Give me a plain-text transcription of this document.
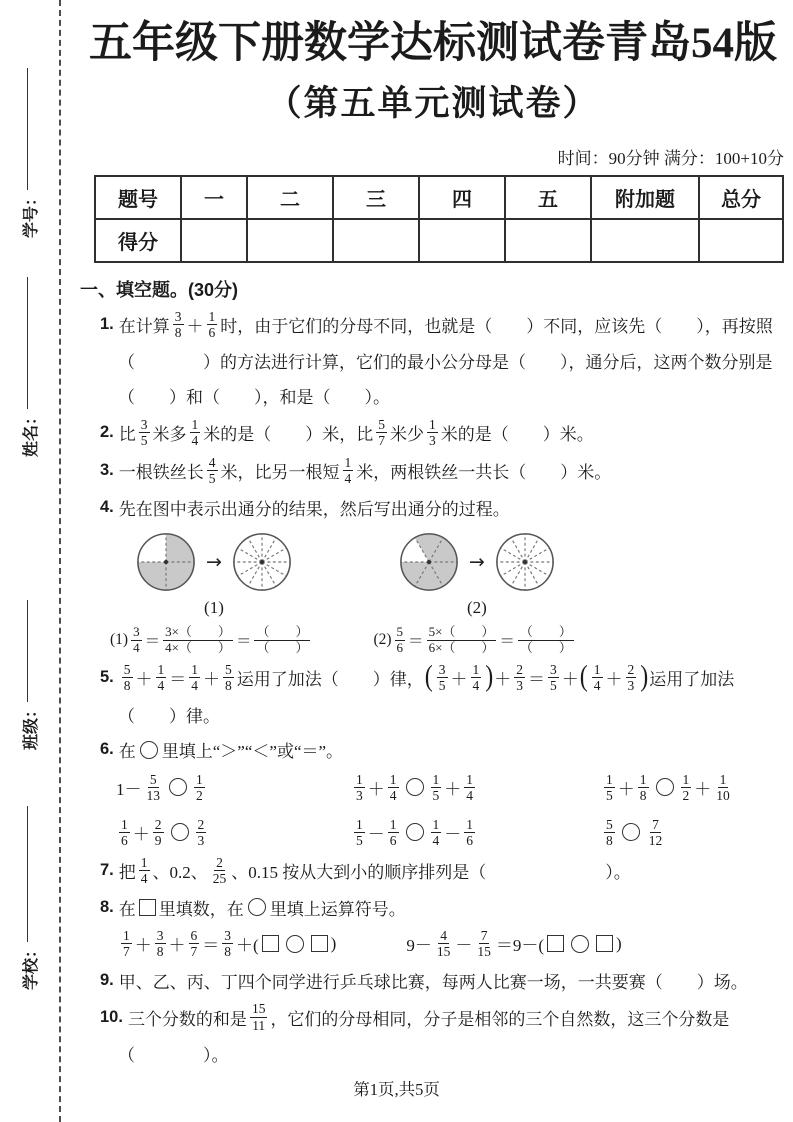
学号：
姓名：
班级：
学校：
五年级下册数学达标测试卷青岛54版
（第五单元测试卷）
时间：90分钟 满分：100+10分
题号	一	二	三	四	五	附加题	总分
得分							
一、填空题。(30分)
1. 在计算 $\frac{3}{8} + \frac{1}{6}$ 时，由于它们的分母不同，也就是（　　）不同，应该先（　　），再按照
（　　　　）的方法进行计算，它们的最小公分母是（　　），通分后，这两个数分别是
（　　）和（　　），和是（　　）。
2. 比 $\frac{3}{5}$ 米多 $\frac{1}{4}$ 米的是（　　）米，比 $\frac{5}{7}$ 米少 $\frac{1}{3}$ 米的是（　　）米。
3. 一根铁丝长 $\frac{4}{5}$ 米，比另一根短 $\frac{1}{4}$ 米，两根铁丝一共长（　　）米。
4. 先在图中表示出通分的结果，然后写出通分的过程。
→
(1)
→
(2)
$(1) \frac{3}{4} = \frac{3\times( )}{4\times( )} = \frac{( )}{( )}$	$(2) \frac{5}{6} = \frac{5\times( )}{6\times( )} = \frac{( )}{( )}$
5. $\frac{5}{8} + \frac{1}{4} = \frac{1}{4} + \frac{5}{8}$ 运用了加法（　　）律， ( $\frac{3}{5} + \frac{1}{4}$ ) ＋ $\frac{2}{3} = \frac{3}{5}$ ＋ ( $\frac{1}{4} + \frac{2}{3}$ ) 运用了加法
（　　）律。
6. 在 里填上“＞”“＜”或“＝”。
$1- \frac{5}{13} \frac{1}{2}$	$\frac{1}{3} + \frac{1}{4} \frac{1}{5} + \frac{1}{4}$	$\frac{1}{5} + \frac{1}{8} \frac{1}{2} + \frac{1}{10}$
$\frac{1}{6} + \frac{2}{9} \frac{2}{3}$	$\frac{1}{5} - \frac{1}{6} \frac{1}{4} - \frac{1}{6}$	$\frac{5}{8} \frac{7}{12}$
7. 把 $\frac{1}{4}$ 、0.2、 $\frac{2}{25}$ 、0.15 按从大到小的顺序排列是（　　　　　　　）。
8. 在 里填数，在 里填上运算符号。
$\frac{1}{7} + \frac{3}{8} + \frac{6}{7} = \frac{3}{8}$ ＋(	)	$9- \frac{4}{15} - \frac{7}{15} =9-$(	)
9. 甲、乙、丙、丁四个同学进行乒乓球比赛，每两人比赛一场，一共要赛（　　）场。
10. 三个分数的和是 $\frac{15}{11}$ ，它们的分母相同，分子是相邻的三个自然数，这三个分数是
（　　　　）。
第1页,共5页
